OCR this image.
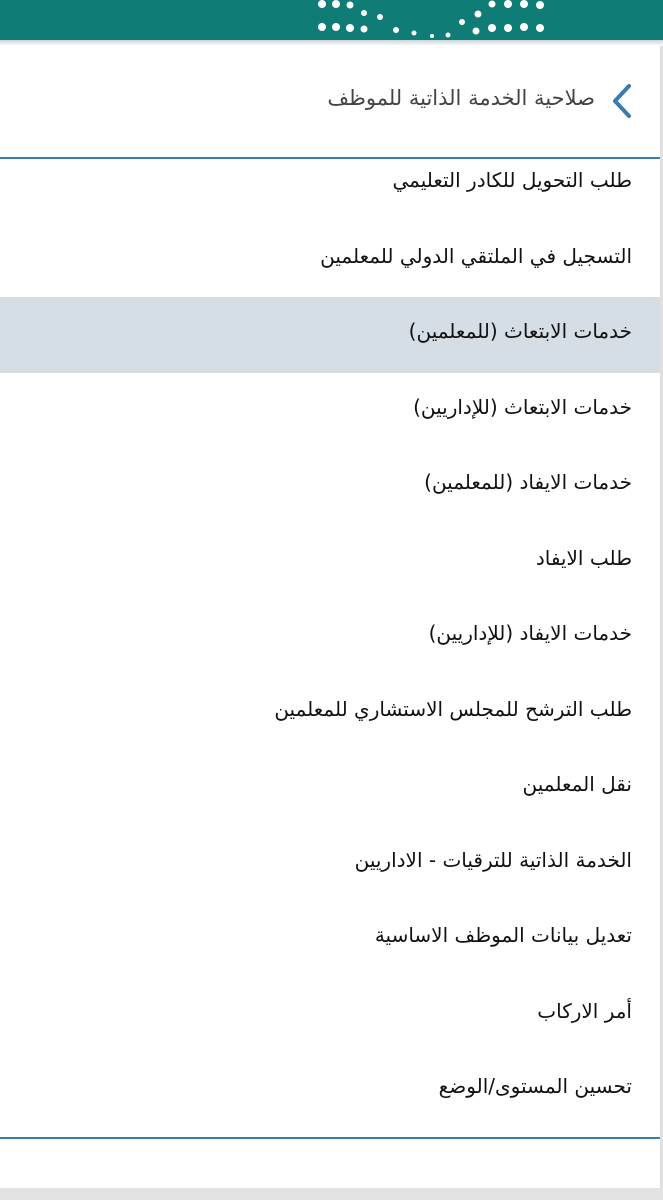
صلاحية الخدمة الذاتية للموظف
طلب التحويل للكادر التعليمي
التسجيل في الملتقي الدولي للمعلمين
خدمات الابتعاث (للمعلمين)
خدمات الابتعاث (للإداريين)
خدمات الايفاد (للمعلمين)
طلب الايفاد
خدمات الايفاد (للإداريين)
طلب الترشح للمجلس الاستشاري للمعلمين
نقل المعلمين
الخدمة الذاتية للترقيات - الاداريين
تعديل بيانات الموظف الاساسية
أمر الاركاب
تحسين المستوى/الوضع
